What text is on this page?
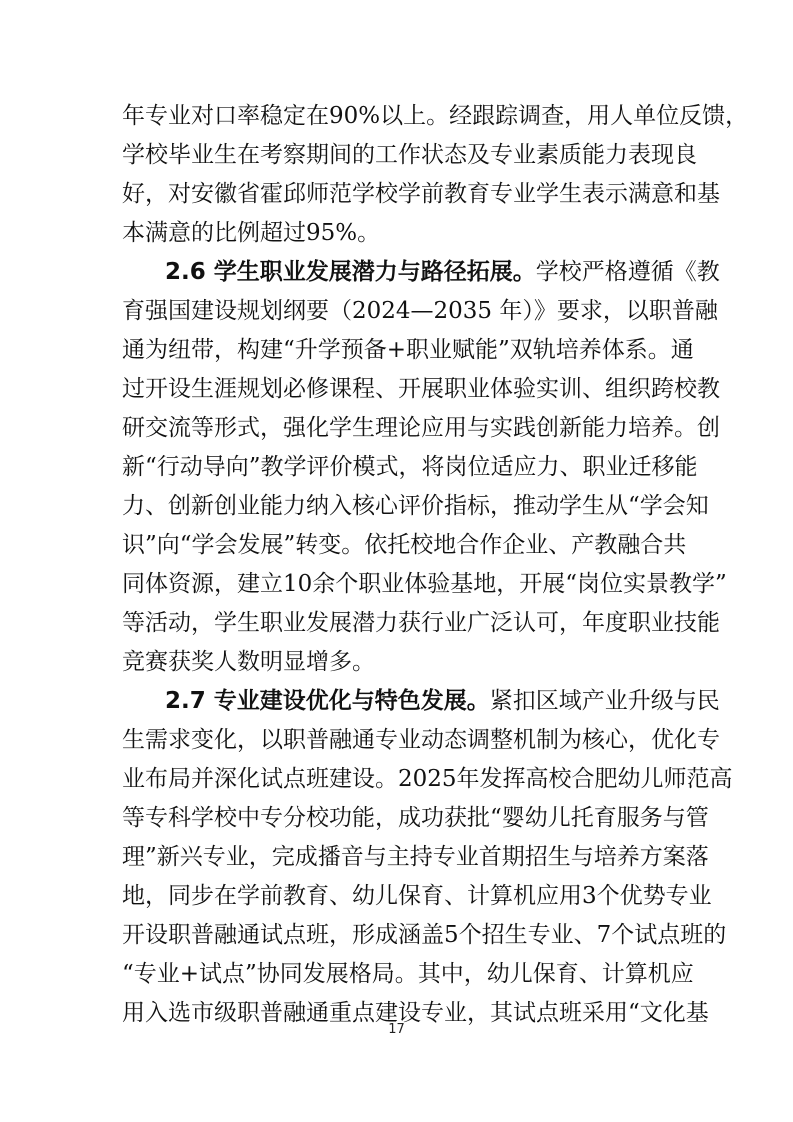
年专业对口率稳定在90%以上。经跟踪调查，用人单位反馈，
学校毕业生在考察期间的工作状态及专业素质能力表现良
好，对安徽省霍邱师范学校学前教育专业学生表示满意和基
本满意的比例超过95%。
2.6 学生职业发展潜力与路径拓展。学校严格遵循《教
育强国建设规划纲要（2024—2035 年）》要求，以职普融
通为纽带，构建“升学预备+职业赋能”双轨培养体系。通
过开设生涯规划必修课程、开展职业体验实训、组织跨校教
研交流等形式，强化学生理论应用与实践创新能力培养。创
新“行动导向”教学评价模式，将岗位适应力、职业迁移能
力、创新创业能力纳入核心评价指标，推动学生从“学会知
识”向“学会发展”转变。依托校地合作企业、产教融合共
同体资源，建立10余个职业体验基地，开展“岗位实景教学”
等活动，学生职业发展潜力获行业广泛认可，年度职业技能
竞赛获奖人数明显增多。
2.7 专业建设优化与特色发展。紧扣区域产业升级与民
生需求变化，以职普融通专业动态调整机制为核心，优化专
业布局并深化试点班建设。2025年发挥高校合肥幼儿师范高
等专科学校中专分校功能，成功获批“婴幼儿托育服务与管
理”新兴专业，完成播音与主持专业首期招生与培养方案落
地，同步在学前教育、幼儿保育、计算机应用3个优势专业
开设职普融通试点班，形成涵盖5个招生专业、7个试点班的
“专业+试点”协同发展格局。其中，幼儿保育、计算机应
用入选市级职普融通重点建设专业，其试点班采用“文化基
17
